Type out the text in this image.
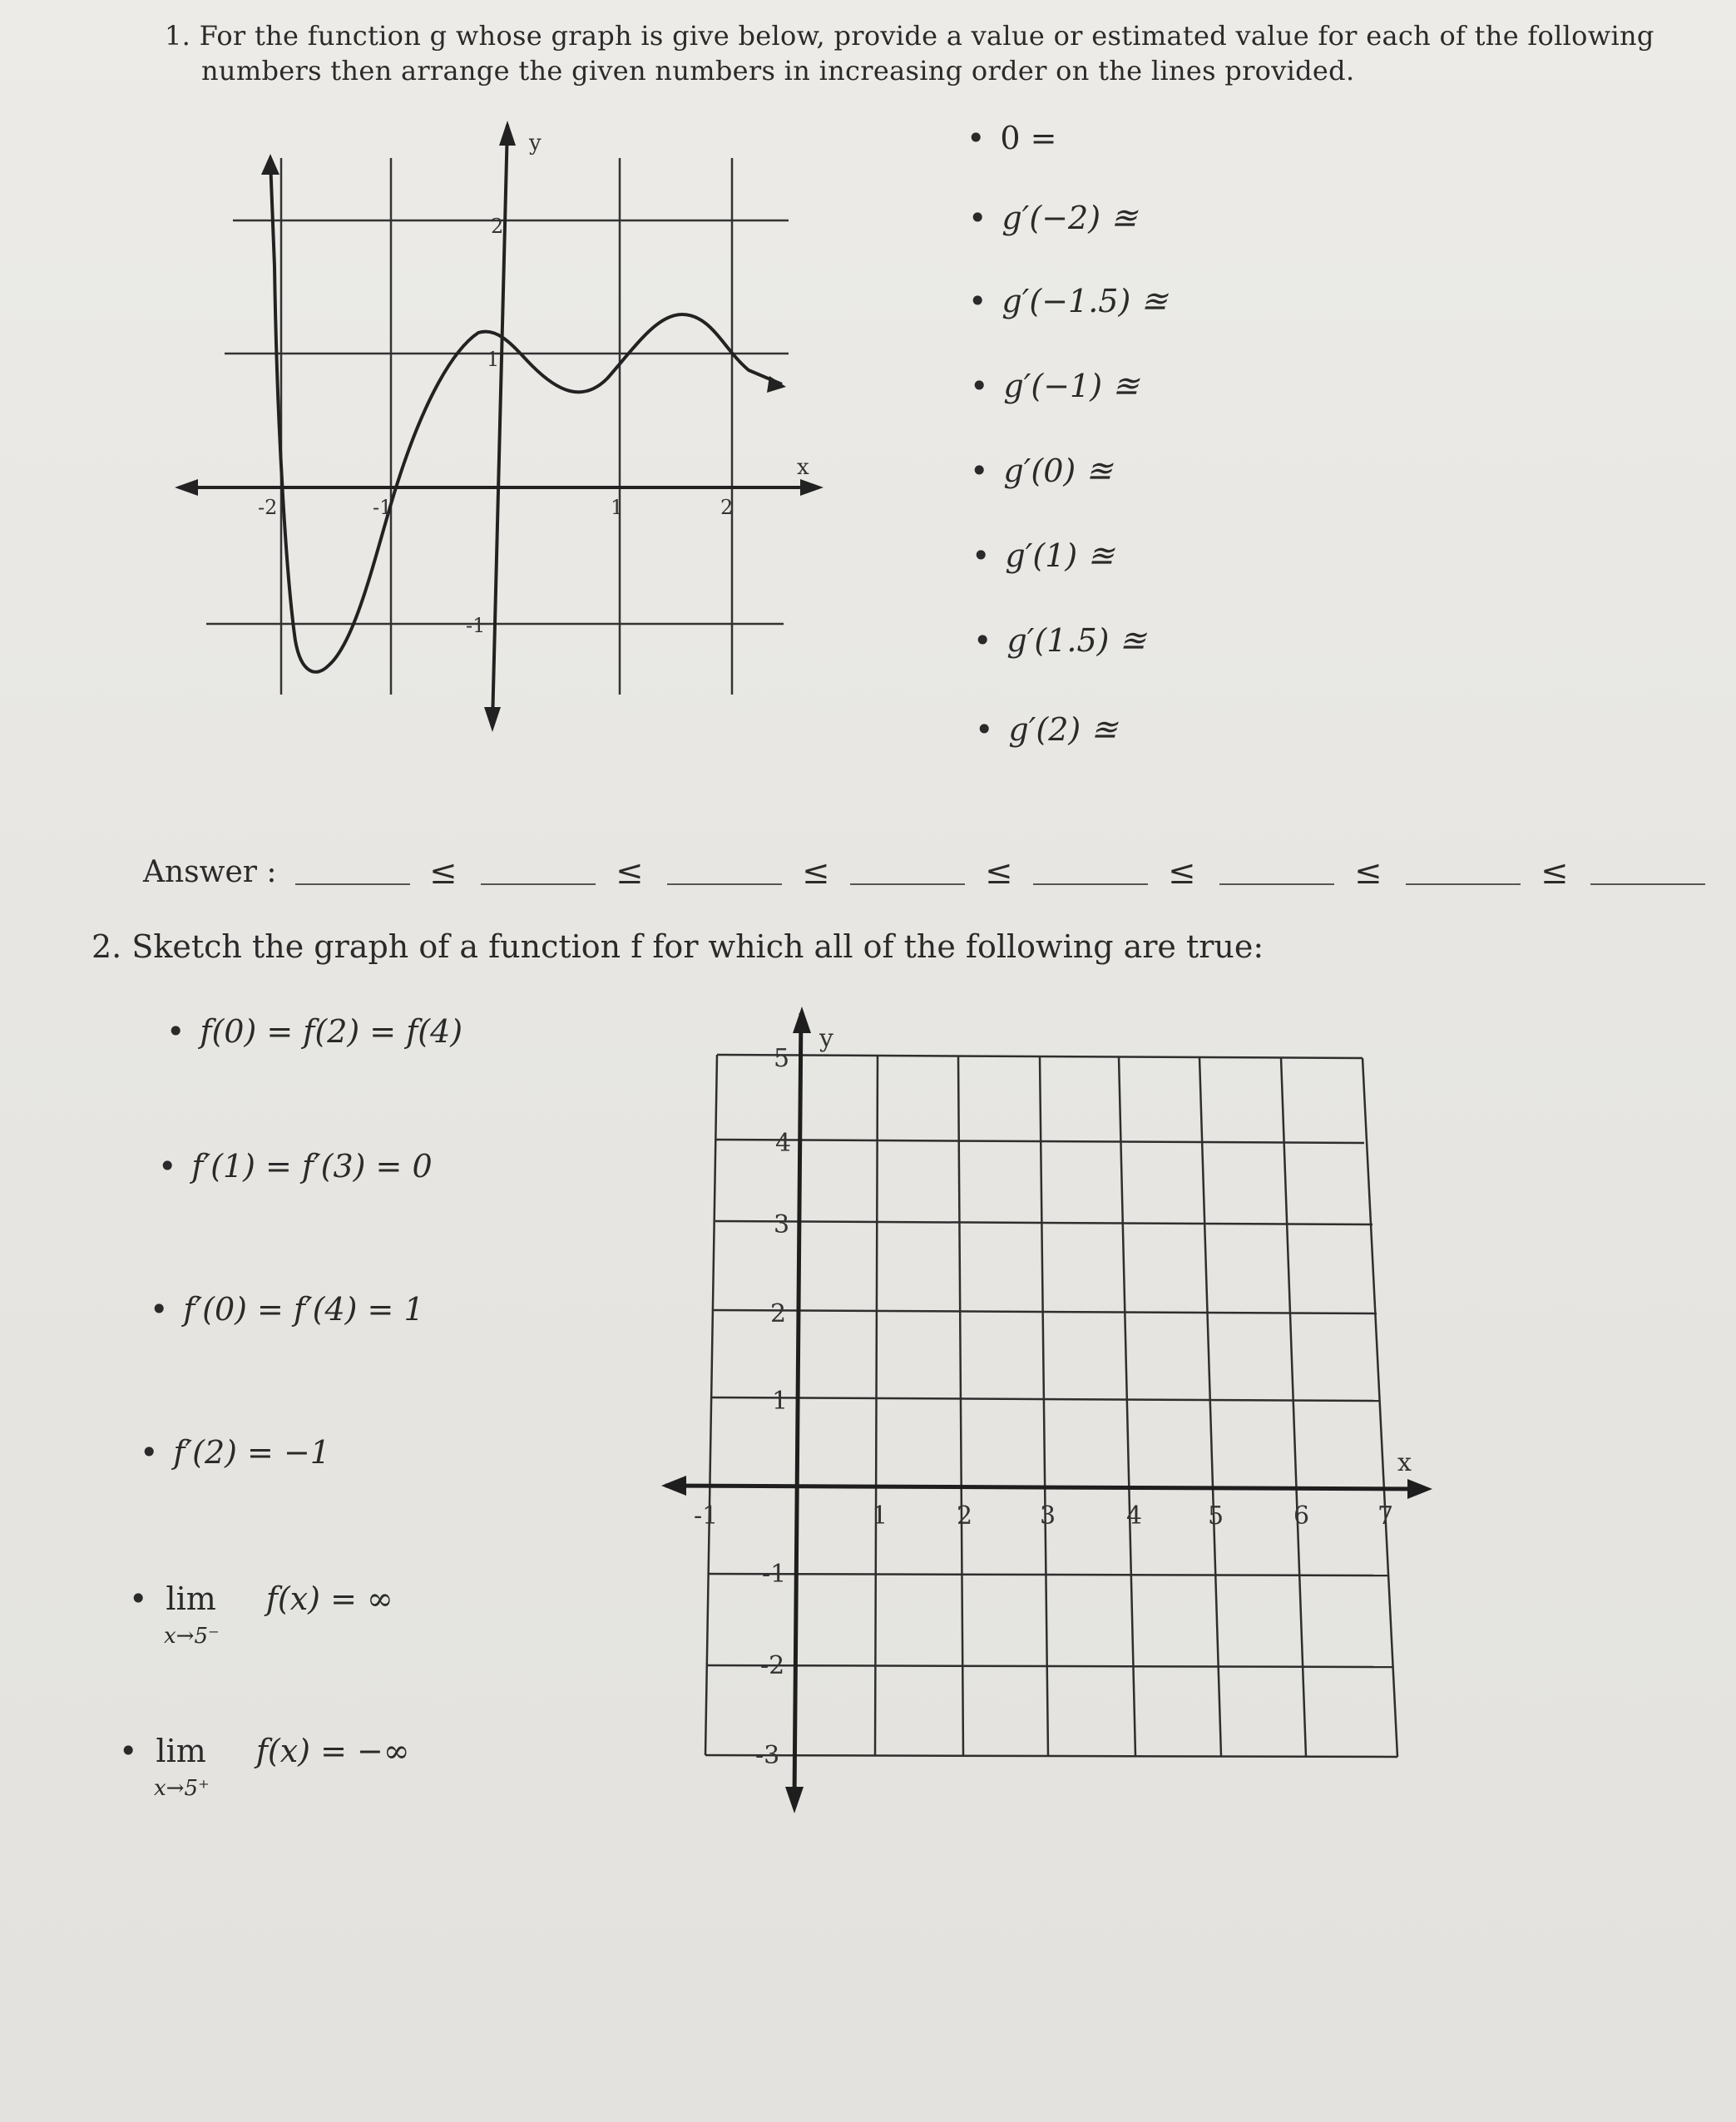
1. For the function g whose graph is give below, provide a value or estimated value for each of the following
numbers then arrange the given numbers in increasing order on the lines provided.
y
x
-2	-1	1	2
2
1
-1
• 0 =
• g′(−2) ≊
• g′(−1.5) ≊
• g′(−1) ≊
• g′(0) ≊
• g′(1) ≊
• g′(1.5) ≊
• g′(2) ≊
Answer :	≤	≤	≤	≤	≤	≤	≤
2. Sketch the graph of a function f for which all of the following are true:
• f(0) = f(2) = f(4)
• f′(1) = f′(3) = 0
• f′(0) = f′(4) = 1
• f′(2) = −1
• lim
x→5⁻
f(x) = ∞
• lim
x→5⁺
f(x) = −∞
y
x
-1	1	2	3	4	5	6	7
5
4
3
2
1
-1
-2
-3
